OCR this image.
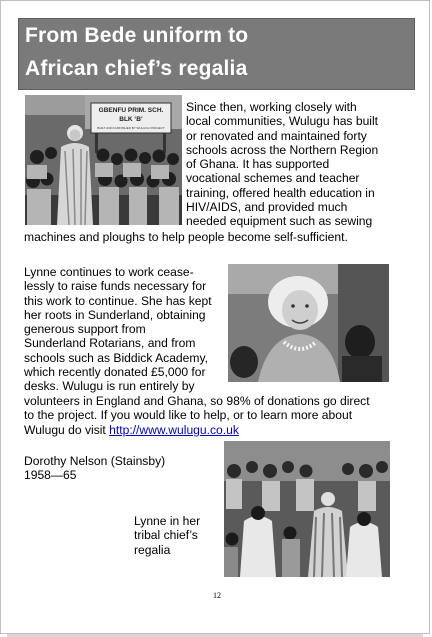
From Bede uniform to
African chief’s regalia
GBENFU PRIM. SCH.
BLK ‘B’
BUILT AND FURNISHED BY WULUGU PROJECT
Since then, working closely with
local communities, Wulugu has built
or renovated and maintained forty
schools across the Northern Region
of Ghana. It has supported
vocational schemes and teacher
training, offered health education in
HIV/AIDS, and provided much
needed equipment such as sewing
machines and ploughs to help people become self-sufficient.
Lynne continues to work cease-
lessly to raise funds necessary for
this work to continue. She has kept
her roots in Sunderland, obtaining
generous support from
Sunderland Rotarians, and from
schools such as Biddick Academy,
which recently donated £5,000 for
desks. Wulugu is run entirely by
volunteers in England and Ghana, so 98% of donations go direct
to the project. If you would like to help, or to learn more about
Wulugu do visit http://www.wulugu.co.uk
Dorothy Nelson (Stainsby)
1958—65
Lynne in her
tribal chief’s
regalia
12
